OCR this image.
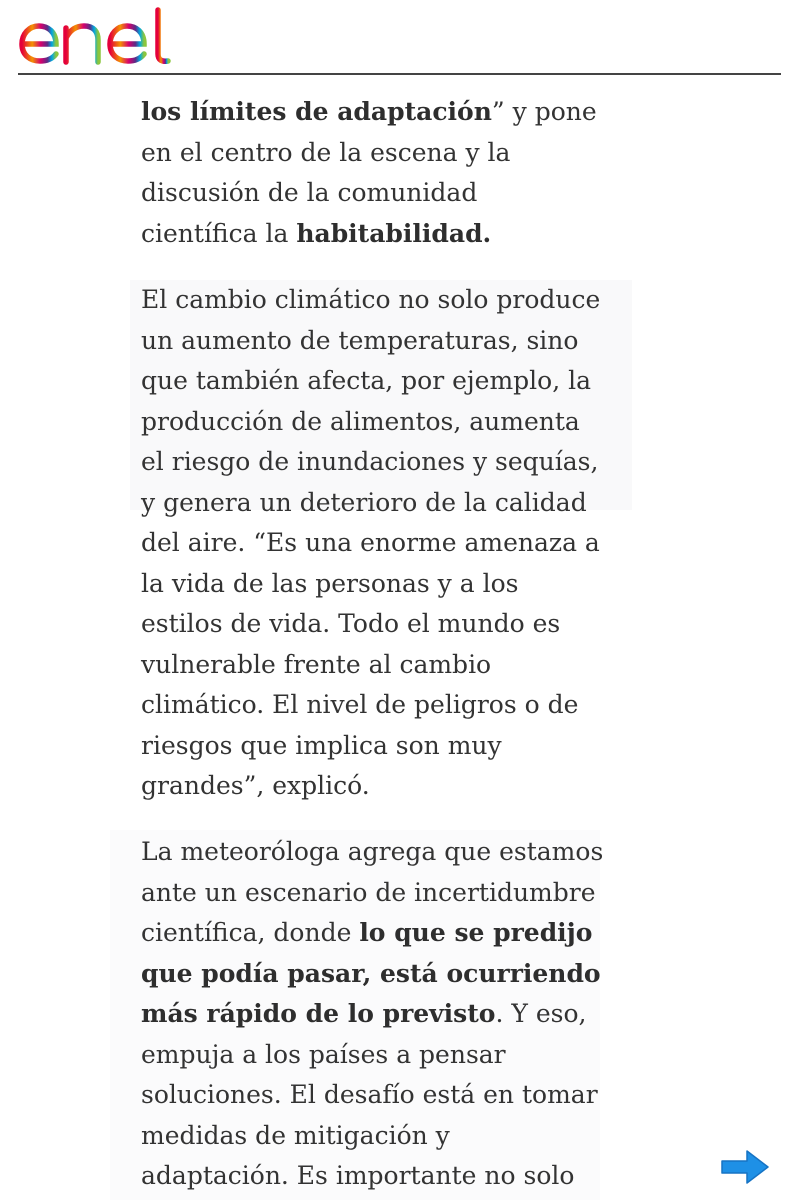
los límites de adaptación” y pone
en el centro de la escena y la
discusión de la comunidad
científica la habitabilidad.
El cambio climático no solo produce
un aumento de temperaturas, sino
que también afecta, por ejemplo, la
producción de alimentos, aumenta
el riesgo de inundaciones y sequías,
y genera un deterioro de la calidad
del aire. “Es una enorme amenaza a
la vida de las personas y a los
estilos de vida. Todo el mundo es
vulnerable frente al cambio
climático. El nivel de peligros o de
riesgos que implica son muy
grandes”, explicó.
La meteoróloga agrega que estamos
ante un escenario de incertidumbre
científica, donde lo que se predijo
que podía pasar, está ocurriendo
más rápido de lo previsto. Y eso,
empuja a los países a pensar
soluciones. El desafío está en tomar
medidas de mitigación y
adaptación. Es importante no solo
